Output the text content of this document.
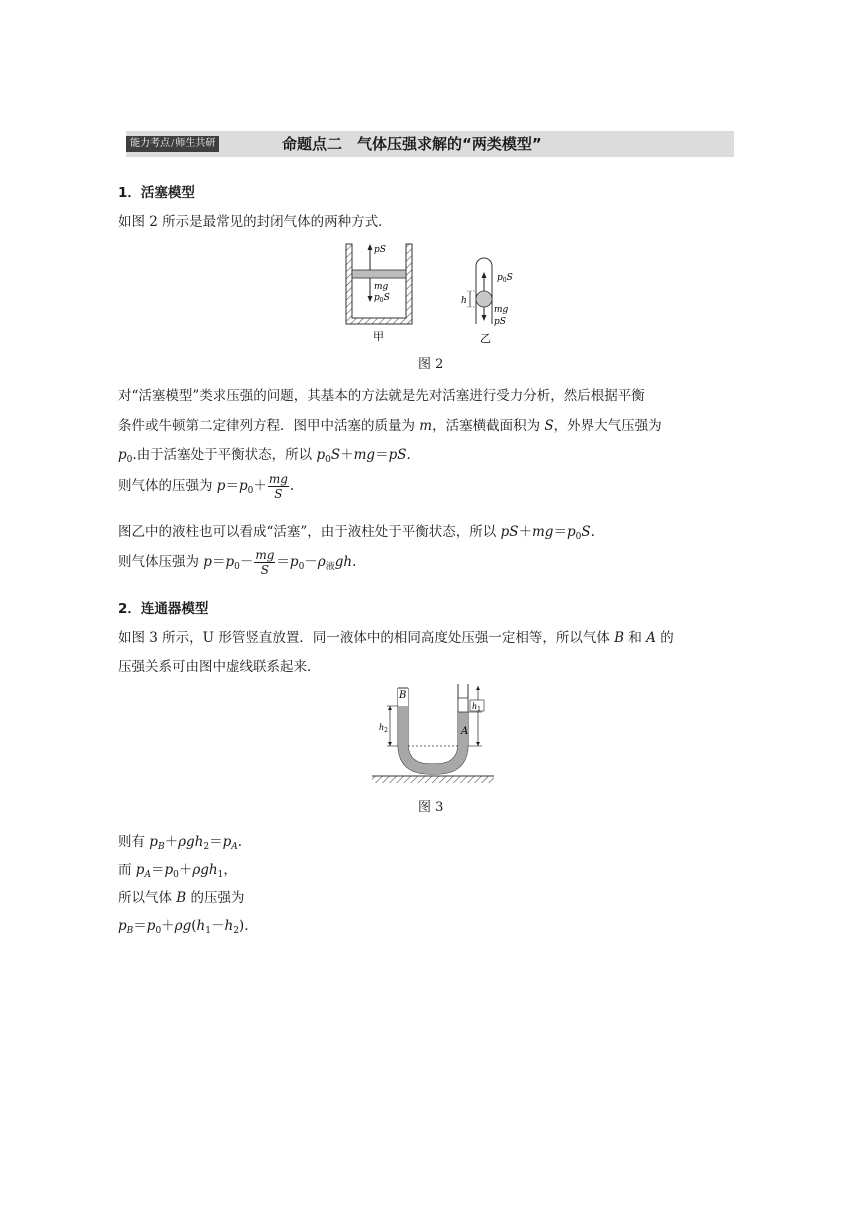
能力考点/师生共研	命题点二　气体压强求解的“两类模型”
1．活塞模型
如图 2 所示是最常见的封闭气体的两种方式．
pS
mg
$p_0S$
甲
$p_0S$
mg
pS
h
乙
图 2
对“活塞模型”类求压强的问题，其基本的方法就是先对活塞进行受力分析，然后根据平衡
条件或牛顿第二定律列方程．图甲中活塞的质量为 m，活塞横截面积为 S，外界大气压强为
$p_0$.由于活塞处于平衡状态，所以 $p_0S+mg=pS$.
则气体的压强为 $p=p_0+ \frac{mg}{S}$ .
图乙中的液柱也可以看成“活塞”，由于液柱处于平衡状态，所以 $pS+mg=p_0S$.
则气体压强为 $p=p_0- \frac{mg}{S} =p_0-\rho_液gh$.
2．连通器模型
如图 3 所示，U 形管竖直放置．同一液体中的相同高度处压强一定相等，所以气体 B 和 A 的
压强关系可由图中虚线联系起来．
$h_2$
$h_1$
B
A
图 3
则有 $p_B+\rho gh_2=p_A$.
而 $p_A=p_0+\rho gh_1$，
所以气体 B 的压强为
$p_B=p_0+\rho g(h_1-h_2)$.
